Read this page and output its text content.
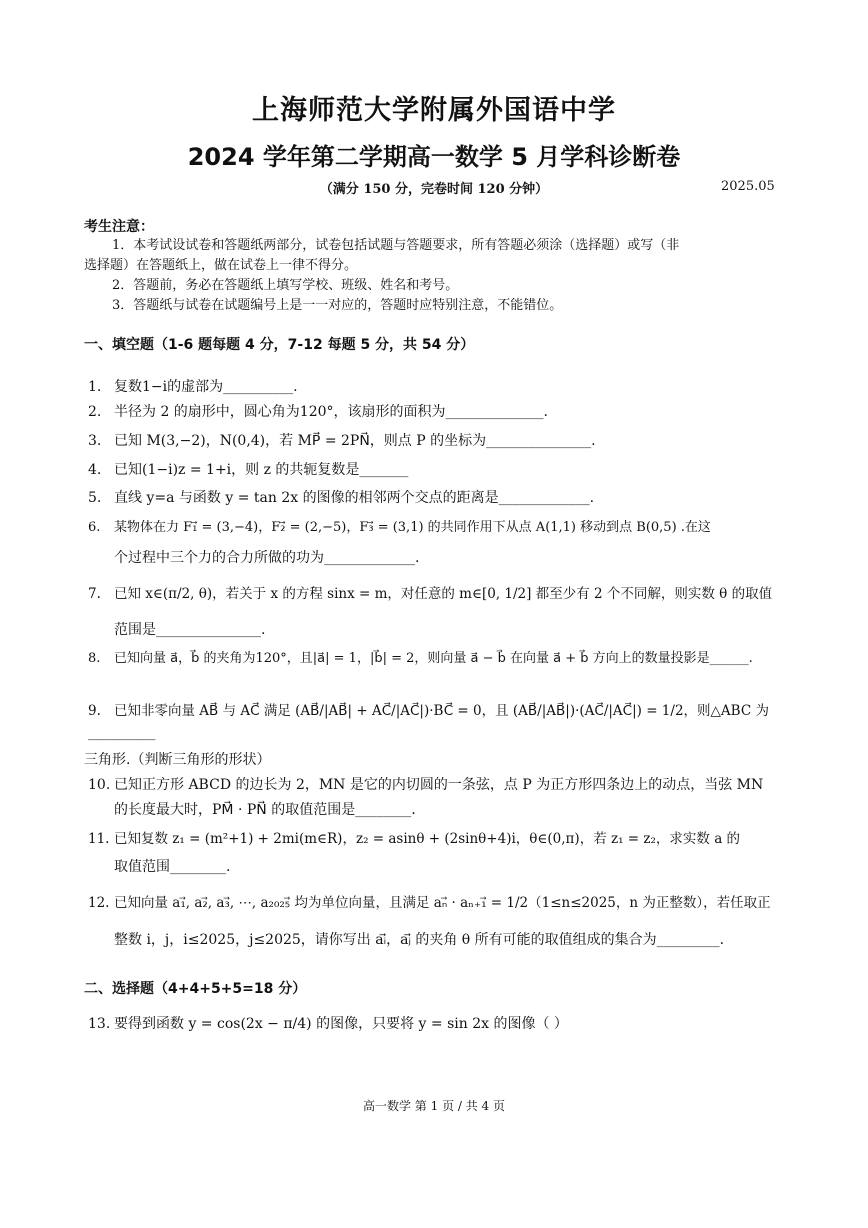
上海师范大学附属外国语中学
2024 学年第二学期高一数学 5 月学科诊断卷
（满分 150 分，完卷时间 120 分钟）	2025.05
考生注意：
1．本考试设试卷和答题纸两部分，试卷包括试题与答题要求，所有答题必须涂（选择题）或写（非
选择题）在答题纸上，做在试卷上一律不得分。
2．答题前，务必在答题纸上填写学校、班级、姓名和考号。
3．答题纸与试卷在试题编号上是一一对应的，答题时应特别注意，不能错位。
一、填空题（1-6 题每题 4 分，7-12 每题 5 分，共 54 分）
1. 复数1−i的虚部为__________.
2. 半径为 2 的扇形中，圆心角为120°，该扇形的面积为______________.
3. 已知 M(3,−2)，N(0,4)，若 MP⃗ = 2PN⃗，则点 P 的坐标为_______________.
4. 已知(1−i)z = 1+i，则 z 的共轭复数是_______
5. 直线 y=a 与函数 y = tan 2x 的图像的相邻两个交点的距离是_____________.
6. 某物体在力 F₁⃗ = (3,−4)，F₂⃗ = (2,−5)，F₃⃗ = (3,1) 的共同作用下从点 A(1,1) 移动到点 B(0,5) .在这
个过程中三个力的合力所做的功为_____________.
7. 已知 x∈(π/2, θ)，若关于 x 的方程 sinx = m，对任意的 m∈[0, 1/2] 都至少有 2 个不同解，则实数 θ 的取值
范围是_______________.
8. 已知向量 a⃗，b⃗ 的夹角为120°，且|a⃗| = 1，|b⃗| = 2，则向量 a⃗ − b⃗ 在向量 a⃗ + b⃗ 方向上的数量投影是______.
9. 已知非零向量 AB⃗ 与 AC⃗ 满足 (AB⃗/|AB⃗| + AC⃗/|AC⃗|)·BC⃗ = 0，且 (AB⃗/|AB⃗|)·(AC⃗/|AC⃗|) = 1/2，则△ABC 为__________
三角形.（判断三角形的形状）
10. 已知正方形 ABCD 的边长为 2，MN 是它的内切圆的一条弦，点 P 为正方形四条边上的动点，当弦 MN
的长度最大时，PM⃗ · PN⃗ 的取值范围是________.
11. 已知复数 z₁ = (m²+1) + 2mi(m∈R)，z₂ = asinθ + (2sinθ+4)i，θ∈(0,π)，若 z₁ = z₂，求实数 a 的
取值范围________.
12. 已知向量 a₁⃗, a₂⃗, a₃⃗, ⋯, a₂₀₂₅⃗ 均为单位向量，且满足 aₙ⃗ · aₙ₊₁⃗ = 1/2（1≤n≤2025，n 为正整数），若任取正
整数 i，j，i≤2025，j≤2025，请你写出 aᵢ⃗，aⱼ⃗ 的夹角 θ 所有可能的取值组成的集合为_________.
二、选择题（4+4+5+5=18 分）
13. 要得到函数 y = cos(2x − π/4) 的图像，只要将 y = sin 2x 的图像（ ）
高一数学 第 1 页 / 共 4 页
